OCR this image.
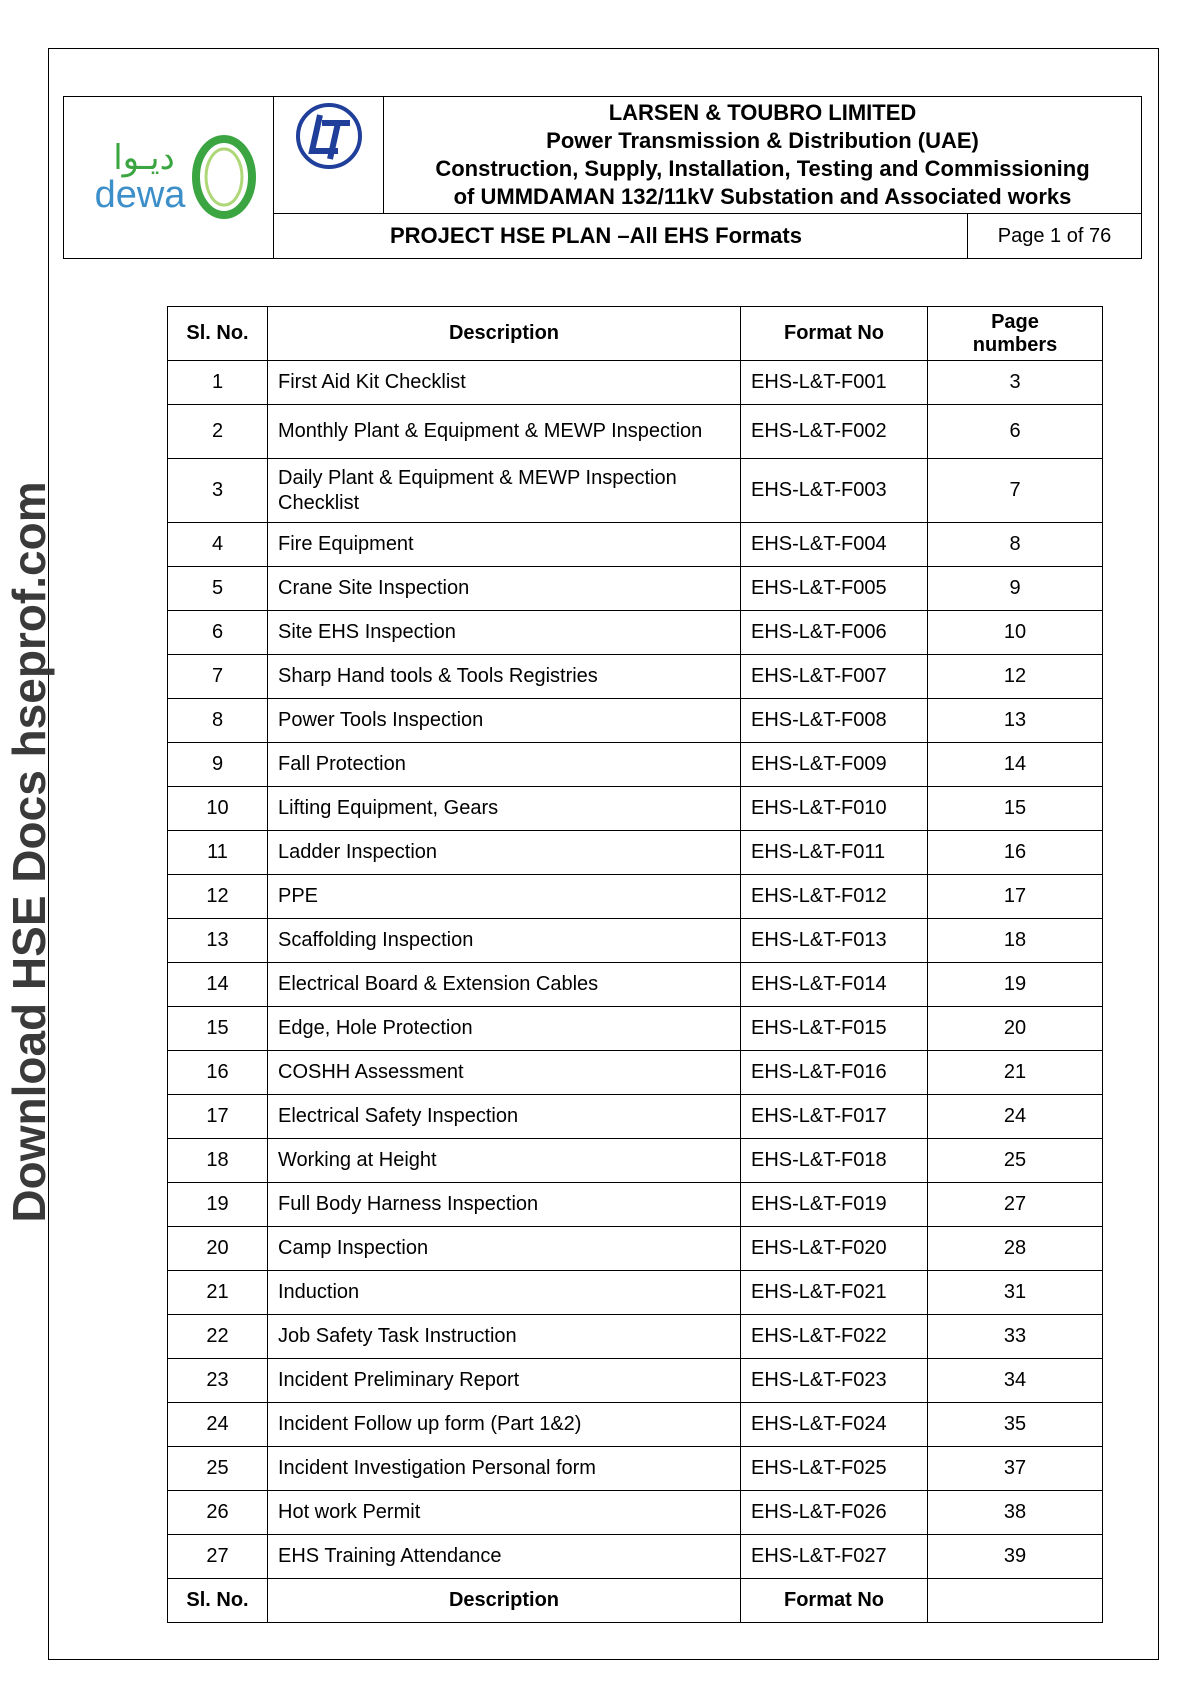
Download HSE Docs hseprof.com
ديـوا
dewa
LARSEN & TOUBRO LIMITED
Power Transmission & Distribution (UAE)
Construction, Supply, Installation, Testing and Commissioning
of UMMDAMAN 132/11kV Substation and Associated works
PROJECT HSE PLAN –All EHS Formats	Page 1 of 76
Sl. No.	Description	Format No	Page numbers
1	First Aid Kit Checklist	EHS-L&T-F001	3
2	Monthly Plant & Equipment & MEWP Inspection	EHS-L&T-F002	6
3	Daily Plant & Equipment & MEWP Inspection Checklist	EHS-L&T-F003	7
4	Fire Equipment	EHS-L&T-F004	8
5	Crane Site Inspection	EHS-L&T-F005	9
6	Site EHS Inspection	EHS-L&T-F006	10
7	Sharp Hand tools & Tools Registries	EHS-L&T-F007	12
8	Power Tools Inspection	EHS-L&T-F008	13
9	Fall Protection	EHS-L&T-F009	14
10	Lifting Equipment, Gears	EHS-L&T-F010	15
11	Ladder Inspection	EHS-L&T-F011	16
12	PPE	EHS-L&T-F012	17
13	Scaffolding Inspection	EHS-L&T-F013	18
14	Electrical Board & Extension Cables	EHS-L&T-F014	19
15	Edge, Hole Protection	EHS-L&T-F015	20
16	COSHH Assessment	EHS-L&T-F016	21
17	Electrical Safety Inspection	EHS-L&T-F017	24
18	Working at Height	EHS-L&T-F018	25
19	Full Body Harness Inspection	EHS-L&T-F019	27
20	Camp Inspection	EHS-L&T-F020	28
21	Induction	EHS-L&T-F021	31
22	Job Safety Task Instruction	EHS-L&T-F022	33
23	Incident Preliminary Report	EHS-L&T-F023	34
24	Incident Follow up form (Part 1&2)	EHS-L&T-F024	35
25	Incident Investigation Personal form	EHS-L&T-F025	37
26	Hot work Permit	EHS-L&T-F026	38
27	EHS Training Attendance	EHS-L&T-F027	39
Sl. No.	Description	Format No	
